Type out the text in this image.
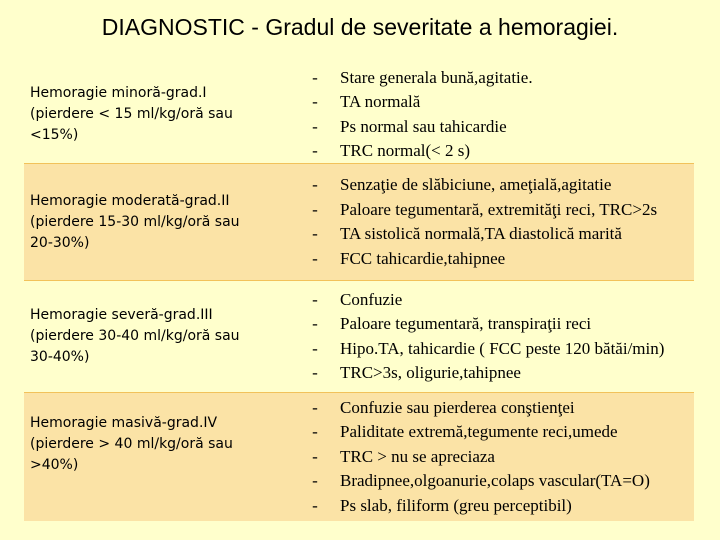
DIAGNOSTIC - Gradul de severitate a hemoragiei.
Hemoragie minoră-grad.I
(pierdere < 15 ml/kg/oră sau
<15%)
-	Stare generala bună,agitatie.
-	TA normală
-	Ps normal sau tahicardie
-	TRC normal(< 2 s)
Hemoragie moderată-grad.II
(pierdere 15-30 ml/kg/oră sau
20-30%)
-	Senzaţie de slăbiciune, ameţială,agitatie
-	Paloare tegumentară, extremităţi reci, TRC>2s
-	TA sistolică normală,TA diastolică marită
-	FCC tahicardie,tahipnee
Hemoragie severă-grad.III
(pierdere 30-40 ml/kg/oră sau
30-40%)
-	Confuzie
-	Paloare tegumentară, transpiraţii reci
-	Hipo.TA, tahicardie ( FCC peste 120 bătăi/min)
-	TRC>3s, oligurie,tahipnee
Hemoragie masivă-grad.IV
(pierdere > 40 ml/kg/oră sau
>40%)
-	Confuzie sau pierderea conştienţei
-	Paliditate extremă,tegumente reci,umede
-	TRC > nu se apreciaza
-	Bradipnee,olgoanurie,colaps vascular(TA=O)
-	Ps slab, filiform (greu perceptibil)
